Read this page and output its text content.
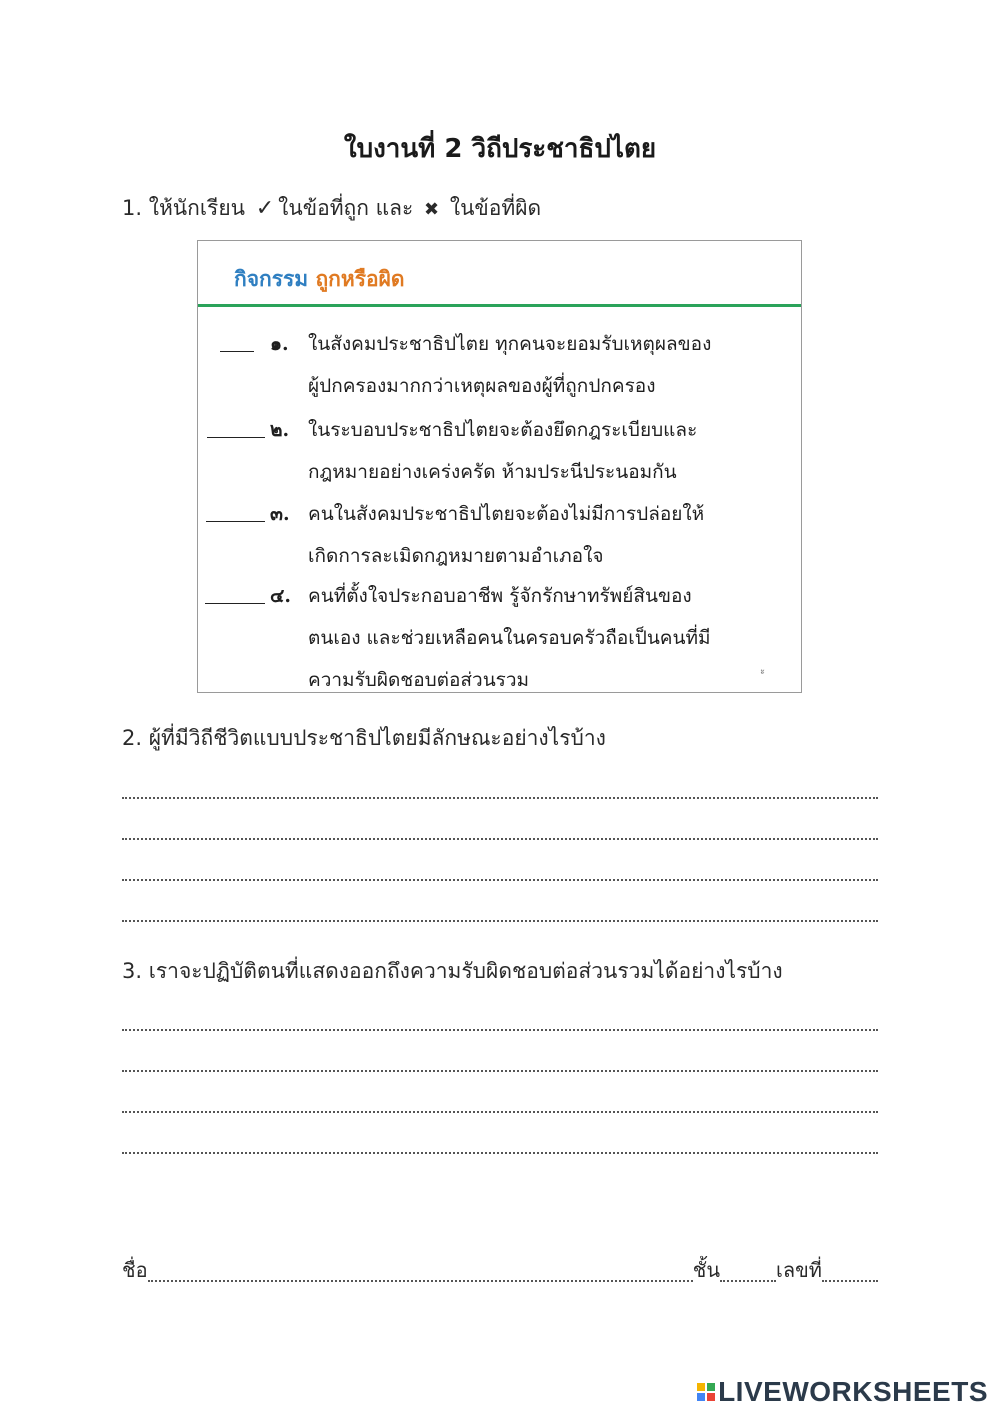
ใบงานที่ 2 วิถีประชาธิปไตย
1. ให้นักเรียน ✓ ในข้อที่ถูก และ ✖ ในข้อที่ผิด
กิจกรรม ถูกหรือผิด
๑. ในสังคมประชาธิปไตย ทุกคนจะยอมรับเหตุผลของ
ผู้ปกครองมากกว่าเหตุผลของผู้ที่ถูกปกครอง
๒. ในระบอบประชาธิปไตยจะต้องยึดกฎระเบียบและ
กฎหมายอย่างเคร่งครัด ห้ามประนีประนอมกัน
๓. คนในสังคมประชาธิปไตยจะต้องไม่มีการปล่อยให้
เกิดการละเมิดกฎหมายตามอำเภอใจ
๔. คนที่ตั้งใจประกอบอาชีพ รู้จักรักษาทรัพย์สินของ
ตนเอง และช่วยเหลือคนในครอบครัวถือเป็นคนที่มี
ความรับผิดชอบต่อส่วนรวม	ะ
2. ผู้ที่มีวิถีชีวิตแบบประชาธิปไตยมีลักษณะอย่างไรบ้าง
3. เราจะปฏิบัติตนที่แสดงออกถึงความรับผิดชอบต่อส่วนรวมได้อย่างไรบ้าง
ชื่อ	ชั้น	เลขที่
LIVEWORKSHEETS
